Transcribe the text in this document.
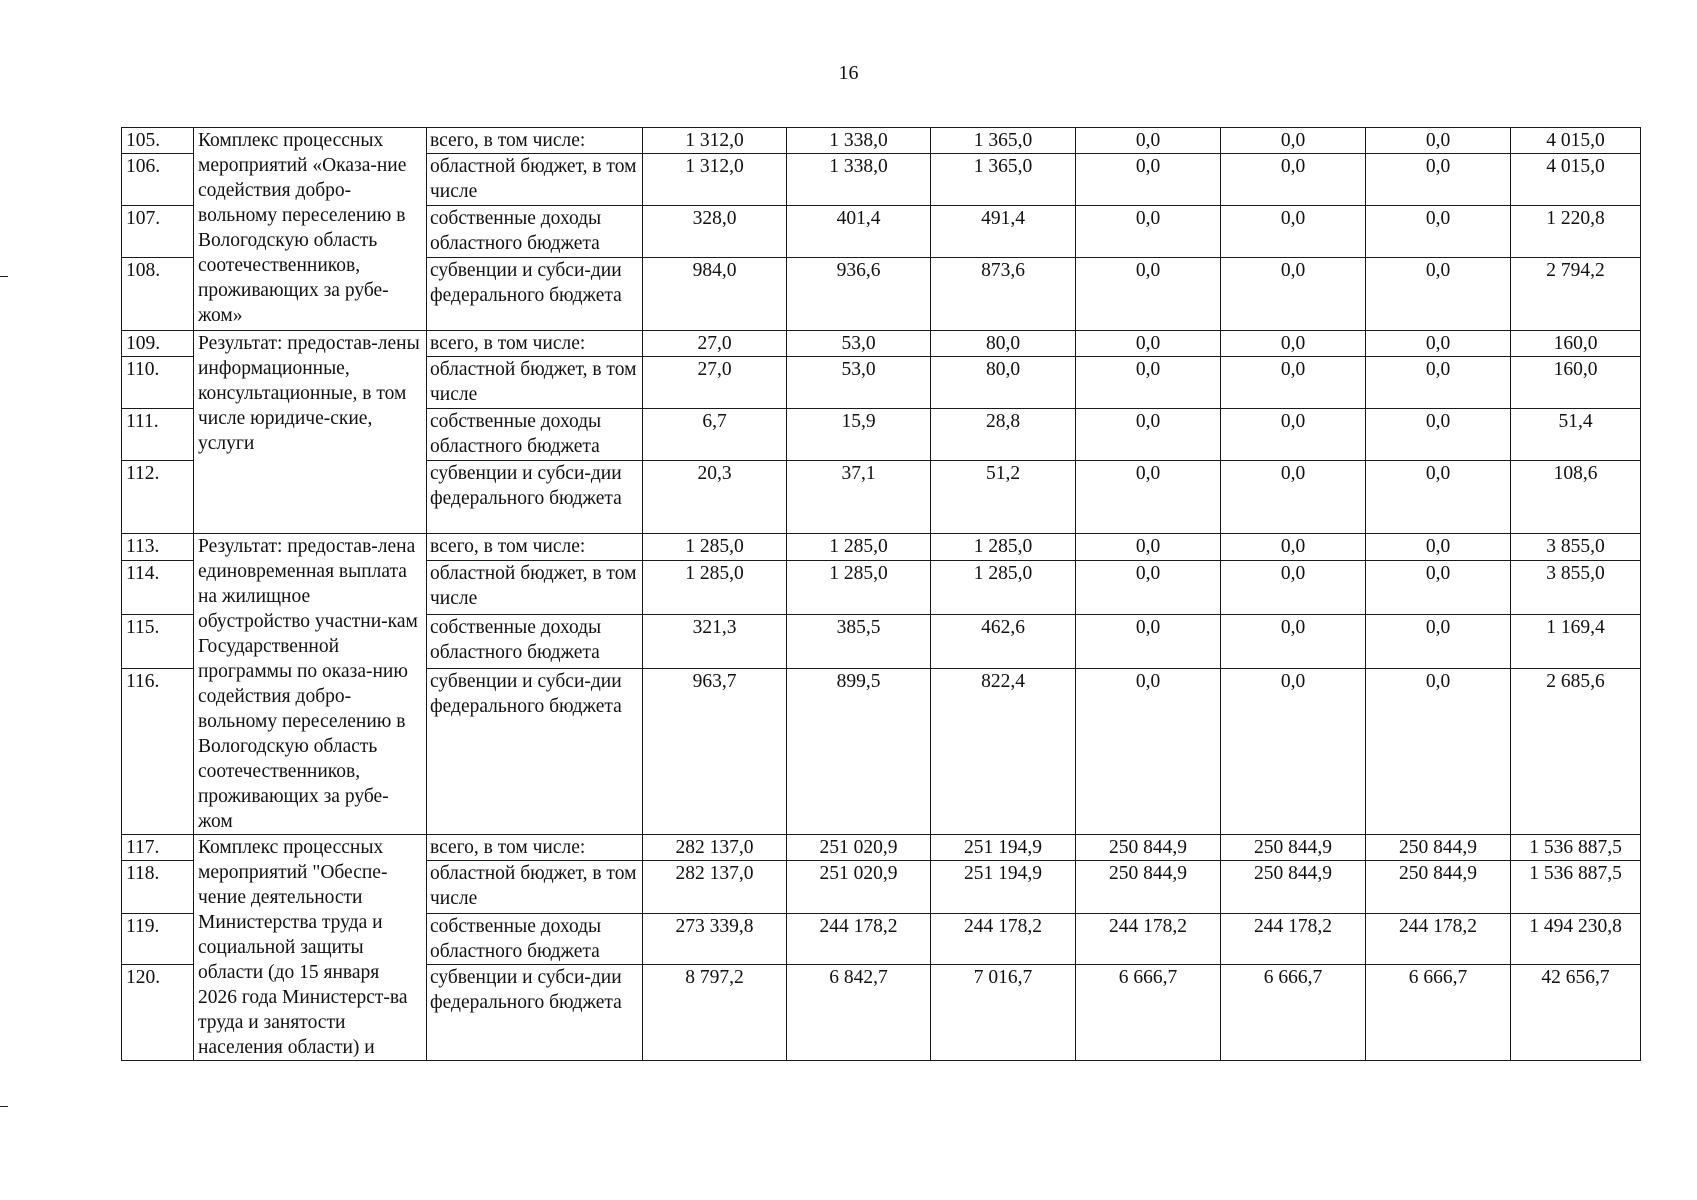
16
105.	Комплекс процессных мероприятий «Оказа-ние содействия добро-вольному переселению в Вологодскую область соотечественников, проживающих за рубе-жом»	всего, в том числе:	1 312,0	1 338,0	1 365,0	0,0	0,0	0,0	4 015,0
106.		областной бюджет, в том числе	1 312,0	1 338,0	1 365,0	0,0	0,0	0,0	4 015,0
107.		собственные доходы областного бюджета	328,0	401,4	491,4	0,0	0,0	0,0	1 220,8
108.		субвенции и субси-дии федерального бюджета	984,0	936,6	873,6	0,0	0,0	0,0	2 794,2
109.	Результат: предостав-лены информационные, консультационные, в том числе юридиче-ские, услуги	всего, в том числе:	27,0	53,0	80,0	0,0	0,0	0,0	160,0
110.		областной бюджет, в том числе	27,0	53,0	80,0	0,0	0,0	0,0	160,0
111.		собственные доходы областного бюджета	6,7	15,9	28,8	0,0	0,0	0,0	51,4
112.		субвенции и субси-дии федерального бюджета	20,3	37,1	51,2	0,0	0,0	0,0	108,6
113.	Результат: предостав-лена единовременная выплата на жилищное обустройство участни-кам Государственной программы по оказа-нию содействия добро-вольному переселению в Вологодскую область соотечественников, проживающих за рубе-жом	всего, в том числе:	1 285,0	1 285,0	1 285,0	0,0	0,0	0,0	3 855,0
114.		областной бюджет, в том числе	1 285,0	1 285,0	1 285,0	0,0	0,0	0,0	3 855,0
115.		собственные доходы областного бюджета	321,3	385,5	462,6	0,0	0,0	0,0	1 169,4
116.		субвенции и субси-дии федерального бюджета	963,7	899,5	822,4	0,0	0,0	0,0	2 685,6
117.	Комплекс процессных мероприятий "Обеспе-чение деятельности Министерства труда и социальной защиты области (до 15 января 2026 года Министерст-ва труда и занятости населения области) и	всего, в том числе:	282 137,0	251 020,9	251 194,9	250 844,9	250 844,9	250 844,9	1 536 887,5
118.		областной бюджет, в том числе	282 137,0	251 020,9	251 194,9	250 844,9	250 844,9	250 844,9	1 536 887,5
119.		собственные доходы областного бюджета	273 339,8	244 178,2	244 178,2	244 178,2	244 178,2	244 178,2	1 494 230,8
120.		субвенции и субси-дии федерального бюджета	8 797,2	6 842,7	7 016,7	6 666,7	6 666,7	6 666,7	42 656,7
